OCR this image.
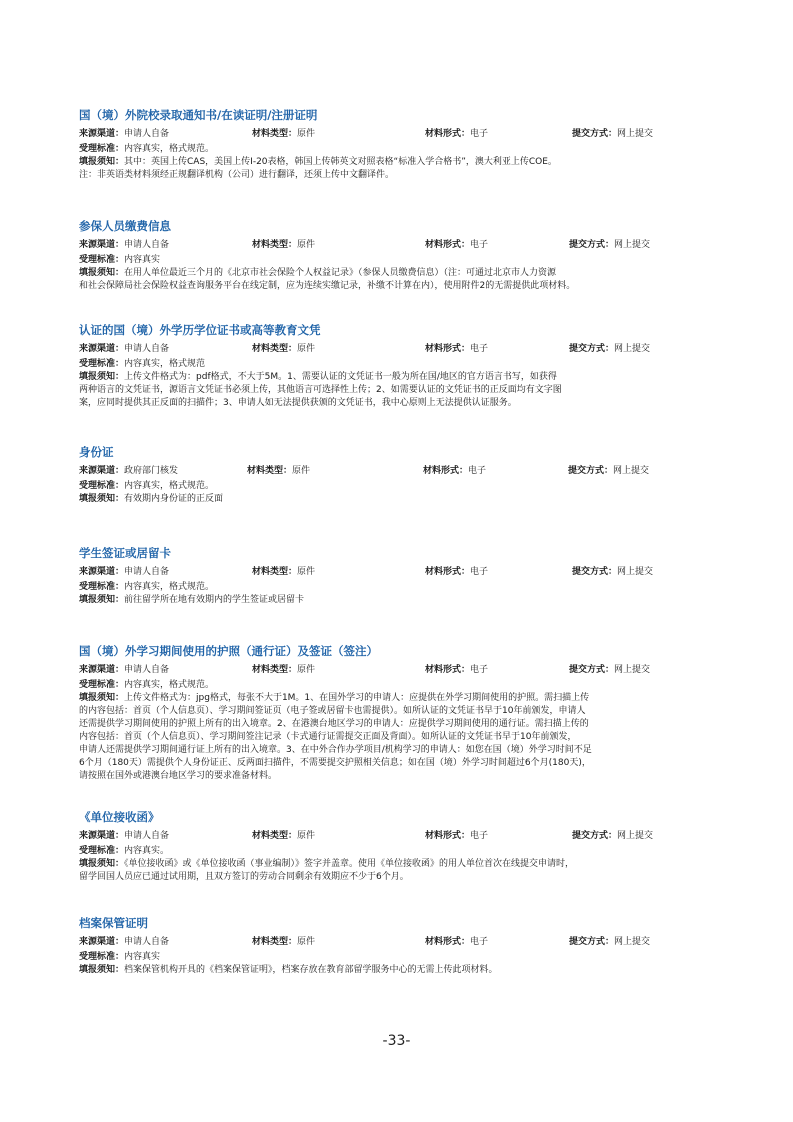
国（境）外院校录取通知书/在读证明/注册证明
来源渠道：申请人自备	材料类型：原件	材料形式：电子	提交方式：网上提交
受理标准：内容真实，格式规范。
填报须知：其中：英国上传CAS，美国上传I-20表格，韩国上传韩英文对照表格“标准入学合格书”，澳大利亚上传COE。
注：非英语类材料须经正规翻译机构（公司）进行翻译，还须上传中文翻译件。
参保人员缴费信息
来源渠道：申请人自备	材料类型：原件	材料形式：电子	提交方式：网上提交
受理标准：内容真实
填报须知：在用人单位最近三个月的《北京市社会保险个人权益记录》（参保人员缴费信息）（注：可通过北京市人力资源
和社会保障局社会保险权益查询服务平台在线定制，应为连续实缴记录，补缴不计算在内），使用附件2的无需提供此项材料。
认证的国（境）外学历学位证书或高等教育文凭
来源渠道：申请人自备	材料类型：原件	材料形式：电子	提交方式：网上提交
受理标准：内容真实，格式规范
填报须知：上传文件格式为：pdf格式，不大于5M。1、需要认证的文凭证书一般为所在国/地区的官方语言书写，如获得
两种语言的文凭证书，源语言文凭证书必须上传，其他语言可选择性上传；2、如需要认证的文凭证书的正反面均有文字图
案，应同时提供其正反面的扫描件；3、申请人如无法提供获颁的文凭证书，我中心原则上无法提供认证服务。
身份证
来源渠道：政府部门核发	材料类型：原件	材料形式：电子	提交方式：网上提交
受理标准：内容真实，格式规范。
填报须知：有效期内身份证的正反面
学生签证或居留卡
来源渠道：申请人自备	材料类型：原件	材料形式：电子	提交方式：网上提交
受理标准：内容真实，格式规范。
填报须知：前往留学所在地有效期内的学生签证或居留卡
国（境）外学习期间使用的护照（通行证）及签证（签注）
来源渠道：申请人自备	材料类型：原件	材料形式：电子	提交方式：网上提交
受理标准：内容真实，格式规范。
填报须知：上传文件格式为：jpg格式，每张不大于1M。1、在国外学习的申请人：应提供在外学习期间使用的护照。需扫描上传
的内容包括：首页（个人信息页）、学习期间签证页（电子签或居留卡也需提供）。如所认证的文凭证书早于10年前颁发，申请人
还需提供学习期间使用的护照上所有的出入境章。2、在港澳台地区学习的申请人：应提供学习期间使用的通行证。需扫描上传的
内容包括：首页（个人信息页）、学习期间签注记录（卡式通行证需提交正面及背面）。如所认证的文凭证书早于10年前颁发，
申请人还需提供学习期间通行证上所有的出入境章。3、在中外合作办学项目/机构学习的申请人：如您在国（境）外学习时间不足
6个月（180天）需提供个人身份证正、反两面扫描件，不需要提交护照相关信息；如在国（境）外学习时间超过6个月(180天)，
请按照在国外或港澳台地区学习的要求准备材料。
《单位接收函》
来源渠道：申请人自备	材料类型：原件	材料形式：电子	提交方式：网上提交
受理标准：内容真实。
填报须知：《单位接收函》或《单位接收函（事业编制）》签字并盖章。使用《单位接收函》的用人单位首次在线提交申请时，
留学回国人员应已通过试用期，且双方签订的劳动合同剩余有效期应不少于6个月。
档案保管证明
来源渠道：申请人自备	材料类型：原件	材料形式：电子	提交方式：网上提交
受理标准：内容真实
填报须知：档案保管机构开具的《档案保管证明》，档案存放在教育部留学服务中心的无需上传此项材料。
-33-
